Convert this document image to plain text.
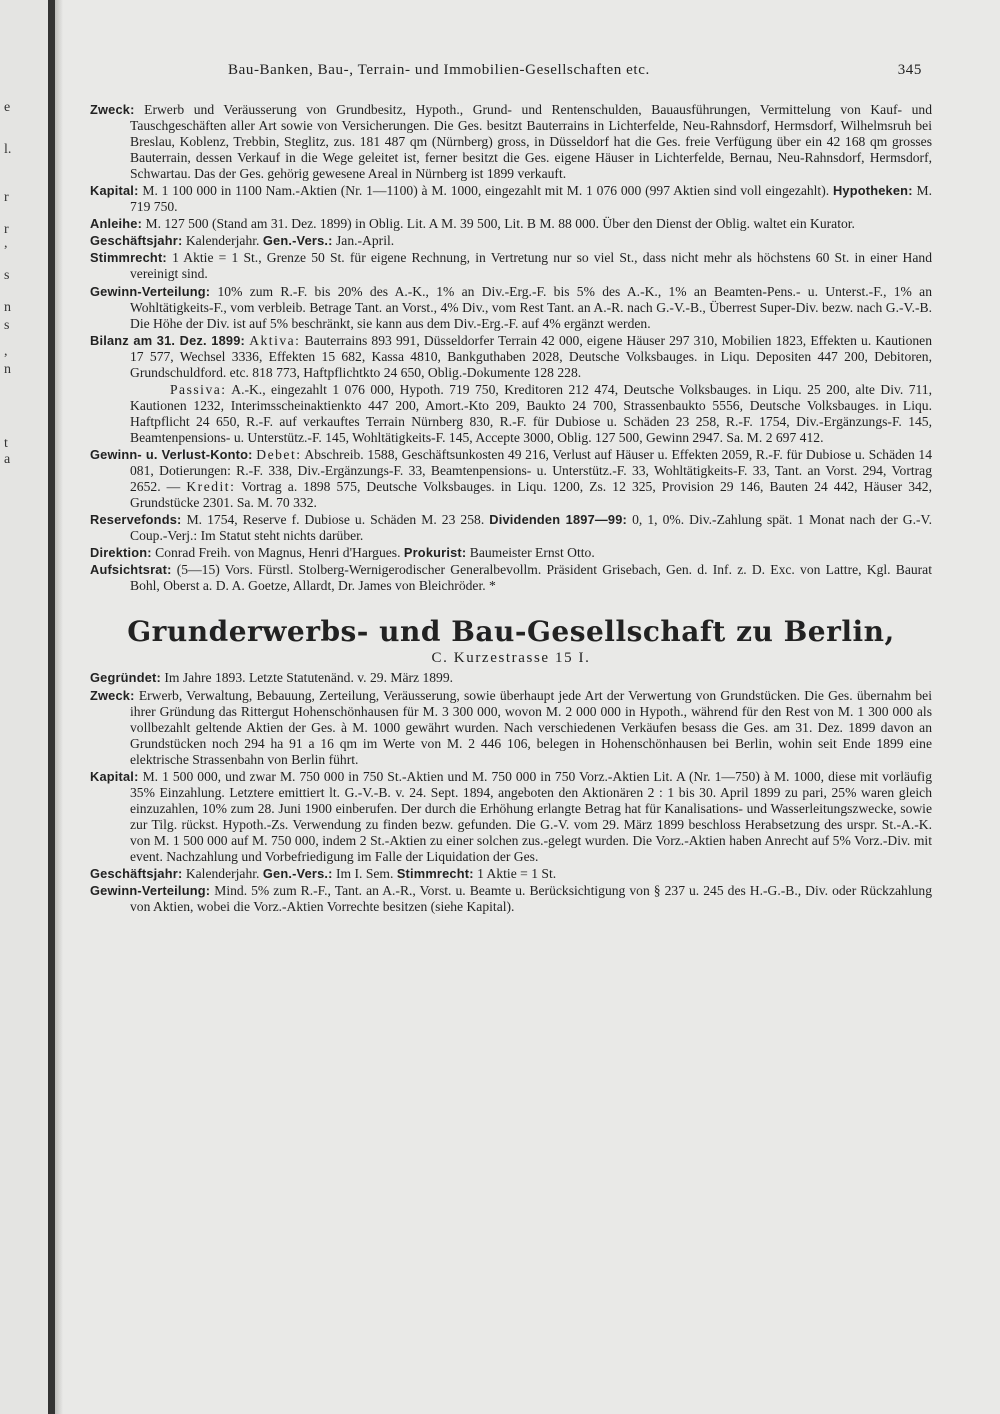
e
l.
r
r
,
s
n
s
,
n
t
a
Bau-Banken, Bau-, Terrain- und Immobilien-Gesellschaften etc.	345

Zweck: Erwerb und Veräusserung von Grundbesitz, Hypoth., Grund- und Rentenschulden, Bauausführungen, Vermittelung von Kauf- und Tauschgeschäften aller Art sowie von Versicherungen. Die Ges. besitzt Bauterrains in Lichterfelde, Neu-Rahnsdorf, Hermsdorf, Wilhelmsruh bei Breslau, Koblenz, Trebbin, Steglitz, zus. 181 487 qm (Nürnberg) gross, in Düsseldorf hat die Ges. freie Verfügung über ein 42 168 qm grosses Bauterrain, dessen Verkauf in die Wege geleitet ist, ferner besitzt die Ges. eigene Häuser in Lichterfelde, Bernau, Neu-Rahnsdorf, Hermsdorf, Schwartau. Das der Ges. gehörig gewesene Areal in Nürnberg ist 1899 verkauft.

Kapital: M. 1 100 000 in 1100 Nam.-Aktien (Nr. 1—1100) à M. 1000, eingezahlt mit M. 1 076 000 (997 Aktien sind voll eingezahlt). Hypotheken: M. 719 750.

Anleihe: M. 127 500 (Stand am 31. Dez. 1899) in Oblig. Lit. A M. 39 500, Lit. B M. 88 000. Über den Dienst der Oblig. waltet ein Kurator.

Geschäftsjahr: Kalenderjahr. Gen.-Vers.: Jan.-April.

Stimmrecht: 1 Aktie = 1 St., Grenze 50 St. für eigene Rechnung, in Vertretung nur so viel St., dass nicht mehr als höchstens 60 St. in einer Hand vereinigt sind.

Gewinn-Verteilung: 10% zum R.-F. bis 20% des A.-K., 1% an Div.-Erg.-F. bis 5% des A.-K., 1% an Beamten-Pens.- u. Unterst.-F., 1% an Wohltätigkeits-F., vom verbleib. Betrage Tant. an Vorst., 4% Div., vom Rest Tant. an A.-R. nach G.-V.-B., Überrest Super-Div. bezw. nach G.-V.-B. Die Höhe der Div. ist auf 5% beschränkt, sie kann aus dem Div.-Erg.-F. auf 4% ergänzt werden.

Bilanz am 31. Dez. 1899: Aktiva: Bauterrains 893 991, Düsseldorfer Terrain 42 000, eigene Häuser 297 310, Mobilien 1823, Effekten u. Kautionen 17 577, Wechsel 3336, Effekten 15 682, Kassa 4810, Bankguthaben 2028, Deutsche Volksbauges. in Liqu. Depositen 447 200, Debitoren, Grundschuldford. etc. 818 773, Haftpflichtkto 24 650, Oblig.-Dokumente 128 228.

Passiva: A.-K., eingezahlt 1 076 000, Hypoth. 719 750, Kreditoren 212 474, Deutsche Volksbauges. in Liqu. 25 200, alte Div. 711, Kautionen 1232, Interimsscheinaktienkto 447 200, Amort.-Kto 209, Baukto 24 700, Strassenbaukto 5556, Deutsche Volksbauges. in Liqu. Haftpflicht 24 650, R.-F. auf verkauftes Terrain Nürnberg 830, R.-F. für Dubiose u. Schäden 23 258, R.-F. 1754, Div.-Ergänzungs-F. 145, Beamtenpensions- u. Unterstütz.-F. 145, Wohltätigkeits-F. 145, Accepte 3000, Oblig. 127 500, Gewinn 2947. Sa. M. 2 697 412.

Gewinn- u. Verlust-Konto: Debet: Abschreib. 1588, Geschäftsunkosten 49 216, Verlust auf Häuser u. Effekten 2059, R.-F. für Dubiose u. Schäden 14 081, Dotierungen: R.-F. 338, Div.-Ergänzungs-F. 33, Beamtenpensions- u. Unterstütz.-F. 33, Wohltätigkeits-F. 33, Tant. an Vorst. 294, Vortrag 2652. — Kredit: Vortrag a. 1898 575, Deutsche Volksbauges. in Liqu. 1200, Zs. 12 325, Provision 29 146, Bauten 24 442, Häuser 342, Grundstücke 2301. Sa. M. 70 332.

Reservefonds: M. 1754, Reserve f. Dubiose u. Schäden M. 23 258. Dividenden 1897—99: 0, 1, 0%. Div.-Zahlung spät. 1 Monat nach der G.-V. Coup.-Verj.: Im Statut steht nichts darüber.

Direktion: Conrad Freih. von Magnus, Henri d'Hargues. Prokurist: Baumeister Ernst Otto.

Aufsichtsrat: (5—15) Vors. Fürstl. Stolberg-Wernigerodischer Generalbevollm. Präsident Grisebach, Gen. d. Inf. z. D. Exc. von Lattre, Kgl. Baurat Bohl, Oberst a. D. A. Goetze, Allardt, Dr. James von Bleichröder. *

Grunderwerbs- und Bau-Gesellschaft zu Berlin,
C. Kurzestrasse 15 I.

Gegründet: Im Jahre 1893. Letzte Statutenänd. v. 29. März 1899.

Zweck: Erwerb, Verwaltung, Bebauung, Zerteilung, Veräusserung, sowie überhaupt jede Art der Verwertung von Grundstücken. Die Ges. übernahm bei ihrer Gründung das Rittergut Hohenschönhausen für M. 3 300 000, wovon M. 2 000 000 in Hypoth., während für den Rest von M. 1 300 000 als vollbezahlt geltende Aktien der Ges. à M. 1000 gewährt wurden. Nach verschiedenen Verkäufen besass die Ges. am 31. Dez. 1899 davon an Grundstücken noch 294 ha 91 a 16 qm im Werte von M. 2 446 106, belegen in Hohenschönhausen bei Berlin, wohin seit Ende 1899 eine elektrische Strassenbahn von Berlin führt.

Kapital: M. 1 500 000, und zwar M. 750 000 in 750 St.-Aktien und M. 750 000 in 750 Vorz.-Aktien Lit. A (Nr. 1—750) à M. 1000, diese mit vorläufig 35% Einzahlung. Letztere emittiert lt. G.-V.-B. v. 24. Sept. 1894, angeboten den Aktionären 2 : 1 bis 30. April 1899 zu pari, 25% waren gleich einzuzahlen, 10% zum 28. Juni 1900 einberufen. Der durch die Erhöhung erlangte Betrag hat für Kanalisations- und Wasserleitungszwecke, sowie zur Tilg. rückst. Hypoth.-Zs. Verwendung zu finden bezw. gefunden. Die G.-V. vom 29. März 1899 beschloss Herabsetzung des urspr. St.-A.-K. von M. 1 500 000 auf M. 750 000, indem 2 St.-Aktien zu einer solchen zus.-gelegt wurden. Die Vorz.-Aktien haben Anrecht auf 5% Vorz.-Div. mit event. Nachzahlung und Vorbefriedigung im Falle der Liquidation der Ges.

Geschäftsjahr: Kalenderjahr. Gen.-Vers.: Im I. Sem. Stimmrecht: 1 Aktie = 1 St.

Gewinn-Verteilung: Mind. 5% zum R.-F., Tant. an A.-R., Vorst. u. Beamte u. Berücksichtigung von § 237 u. 245 des H.-G.-B., Div. oder Rückzahlung von Aktien, wobei die Vorz.-Aktien Vorrechte besitzen (siehe Kapital).
